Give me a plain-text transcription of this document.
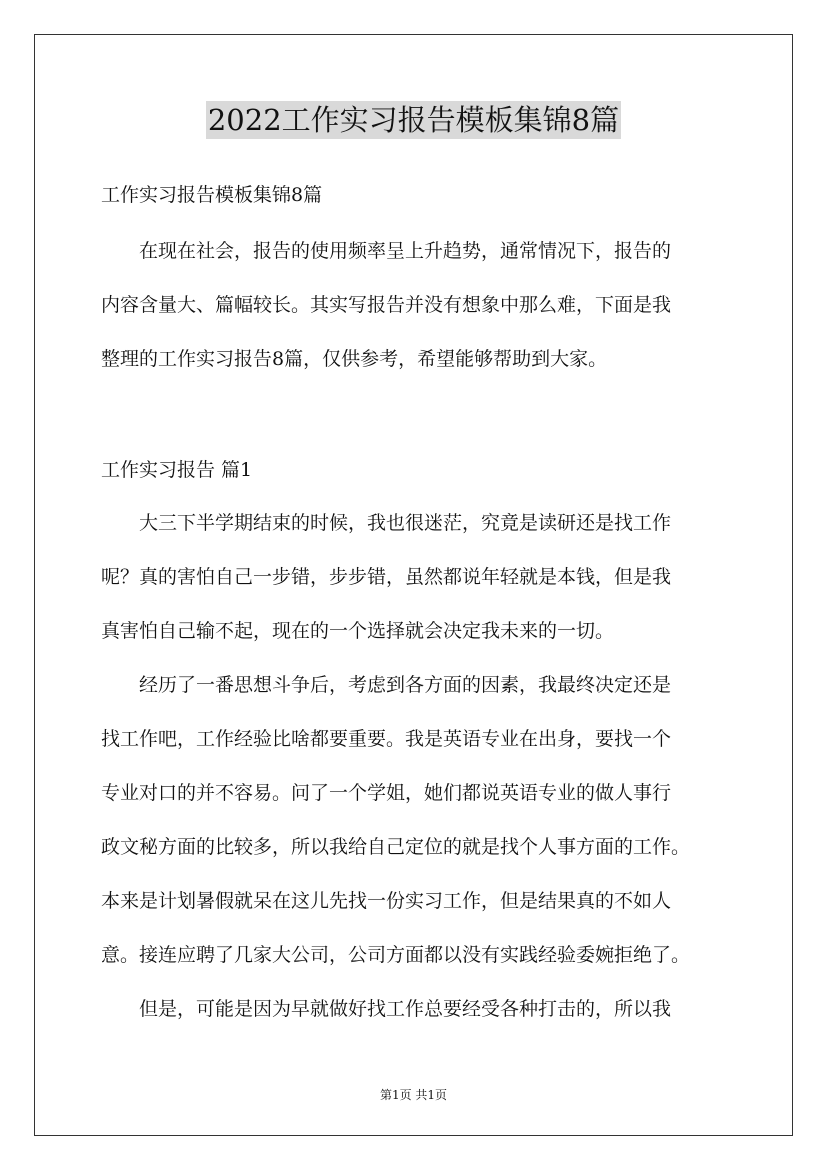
2022工作实习报告模板集锦8篇
工作实习报告模板集锦8篇
　　在现在社会，报告的使用频率呈上升趋势，通常情况下，报告的
内容含量大、篇幅较长。其实写报告并没有想象中那么难，下面是我
整理的工作实习报告8篇，仅供参考，希望能够帮助到大家。
工作实习报告 篇1
　　大三下半学期结束的时候，我也很迷茫，究竟是读研还是找工作
呢？真的害怕自己一步错，步步错，虽然都说年轻就是本钱，但是我
真害怕自己输不起，现在的一个选择就会决定我未来的一切。
　　经历了一番思想斗争后，考虑到各方面的因素，我最终决定还是
找工作吧，工作经验比啥都要重要。我是英语专业在出身，要找一个
专业对口的并不容易。问了一个学姐，她们都说英语专业的做人事行
政文秘方面的比较多，所以我给自己定位的就是找个人事方面的工作。
本来是计划暑假就呆在这儿先找一份实习工作，但是结果真的不如人
意。接连应聘了几家大公司，公司方面都以没有实践经验委婉拒绝了。
　　但是，可能是因为早就做好找工作总要经受各种打击的，所以我
第1页 共1页
